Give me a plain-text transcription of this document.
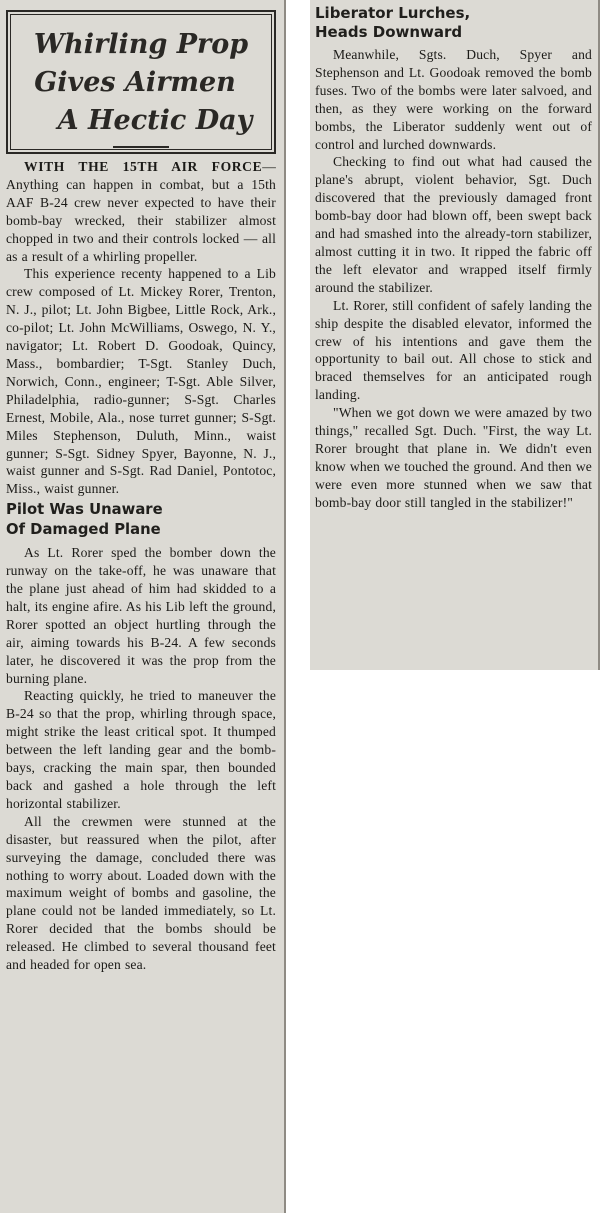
Whirling Prop
Gives Airmen
A Hectic Day

WITH THE 15TH AIR FORCE—Anything can happen in combat, but a 15th AAF B-24 crew never expected to have their bomb-bay wrecked, their stabilizer almost chopped in two and their controls locked — all as a result of a whirling propeller.

This experience recenty happened to a Lib crew composed of Lt. Mickey Rorer, Trenton, N. J., pilot; Lt. John Bigbee, Little Rock, Ark., co-pilot; Lt. John McWilliams, Oswego, N. Y., navigator; Lt. Robert D. Goodoak, Quincy, Mass., bombardier; T-Sgt. Stanley Duch, Norwich, Conn., engineer; T-Sgt. Able Silver, Philadelphia, radio-gunner; S-Sgt. Charles Ernest, Mobile, Ala., nose turret gunner; S-Sgt. Miles Stephenson, Duluth, Minn., waist gunner; S-Sgt. Sidney Spyer, Bayonne, N. J., waist gunner and S-Sgt. Rad Daniel, Pontotoc, Miss., waist gunner.

Pilot Was Unaware
Of Damaged Plane

As Lt. Rorer sped the bomber down the runway on the take-off, he was unaware that the plane just ahead of him had skidded to a halt, its engine afire. As his Lib left the ground, Rorer spotted an object hurtling through the air, aiming towards his B-24. A few seconds later, he discovered it was the prop from the burning plane.

Reacting quickly, he tried to maneuver the B-24 so that the prop, whirling through space, might strike the least critical spot. It thumped between the left landing gear and the bomb-bays, cracking the main spar, then bounded back and gashed a hole through the left horizontal stabilizer.

All the crewmen were stunned at the disaster, but reassured when the pilot, after surveying the damage, concluded there was nothing to worry about. Loaded down with the maximum weight of bombs and gasoline, the plane could not be landed immediately, so Lt. Rorer decided that the bombs should be released. He climbed to several thousand feet and headed for open sea.

Liberator Lurches,
Heads Downward

Meanwhile, Sgts. Duch, Spyer and Stephenson and Lt. Goodoak removed the bomb fuses. Two of the bombs were later salvoed, and then, as they were working on the forward bombs, the Liberator suddenly went out of control and lurched downwards.

Checking to find out what had caused the plane's abrupt, violent behavior, Sgt. Duch discovered that the previously damaged front bomb-bay door had blown off, been swept back and had smashed into the already-torn stabilizer, almost cutting it in two. It ripped the fabric off the left elevator and wrapped itself firmly around the stabilizer.

Lt. Rorer, still confident of safely landing the ship despite the disabled elevator, informed the crew of his intentions and gave them the opportunity to bail out. All chose to stick and braced themselves for an anticipated rough landing.

"When we got down we were amazed by two things," recalled Sgt. Duch. "First, the way Lt. Rorer brought that plane in. We didn't even know when we touched the ground. And then we were even more stunned when we saw that bomb-bay door still tangled in the stabilizer!"
